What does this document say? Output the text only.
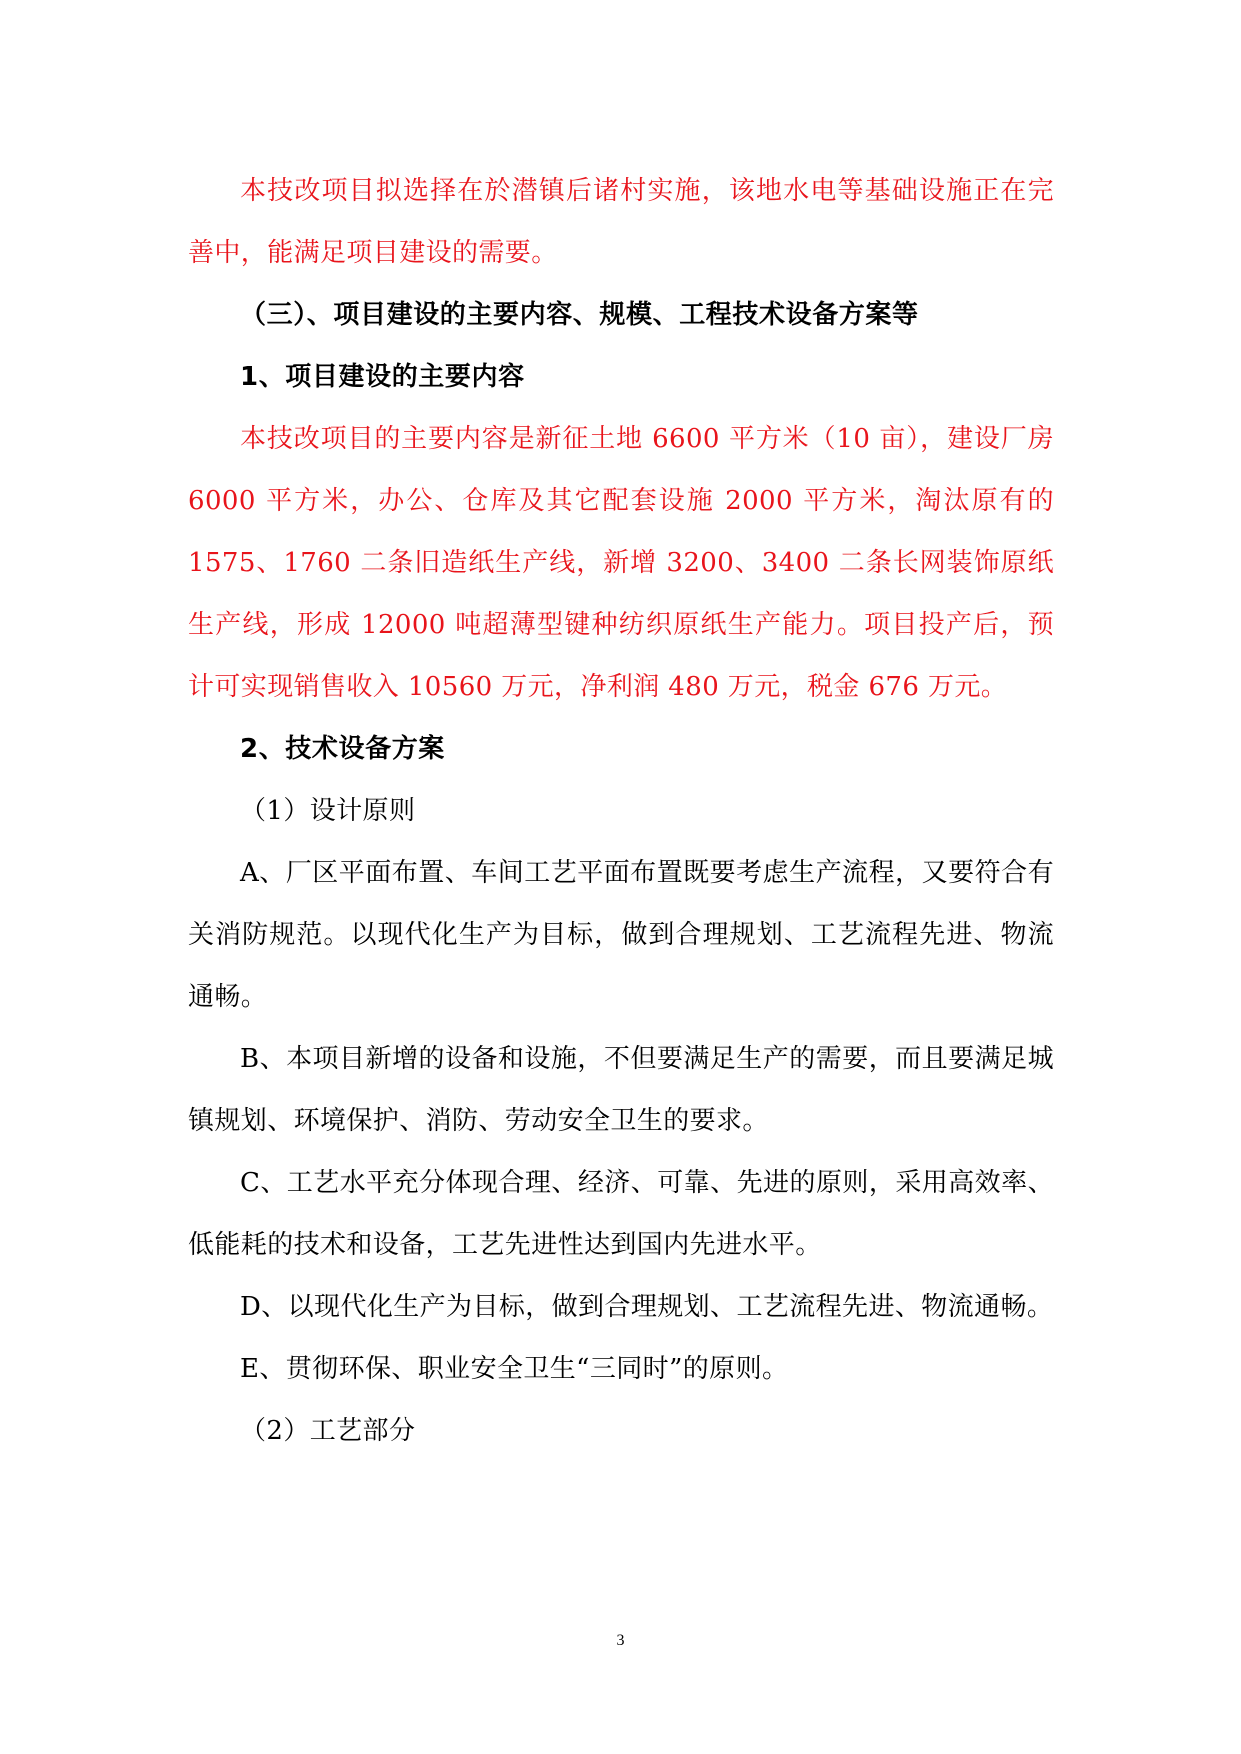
本技改项目拟选择在於潜镇后诸村实施，该地水电等基础设施正在完善中，能满足项目建设的需要。

（三）、项目建设的主要内容、规模、工程技术设备方案等

1、项目建设的主要内容

本技改项目的主要内容是新征土地 6600 平方米（10 亩），建设厂房 6000 平方米，办公、仓库及其它配套设施 2000 平方米，淘汰原有的 1575、1760 二条旧造纸生产线，新增 3200、3400 二条长网装饰原纸生产线，形成 12000 吨超薄型键种纺织原纸生产能力。项目投产后，预计可实现销售收入 10560 万元，净利润 480 万元，税金 676 万元。

2、技术设备方案

（1）设计原则

A、厂区平面布置、车间工艺平面布置既要考虑生产流程，又要符合有关消防规范。以现代化生产为目标，做到合理规划、工艺流程先进、物流通畅。

B、本项目新增的设备和设施，不但要满足生产的需要，而且要满足城镇规划、环境保护、消防、劳动安全卫生的要求。

C、工艺水平充分体现合理、经济、可靠、先进的原则，采用高效率、低能耗的技术和设备，工艺先进性达到国内先进水平。

D、以现代化生产为目标，做到合理规划、工艺流程先进、物流通畅。

E、贯彻环保、职业安全卫生“三同时”的原则。

（2）工艺部分

3
